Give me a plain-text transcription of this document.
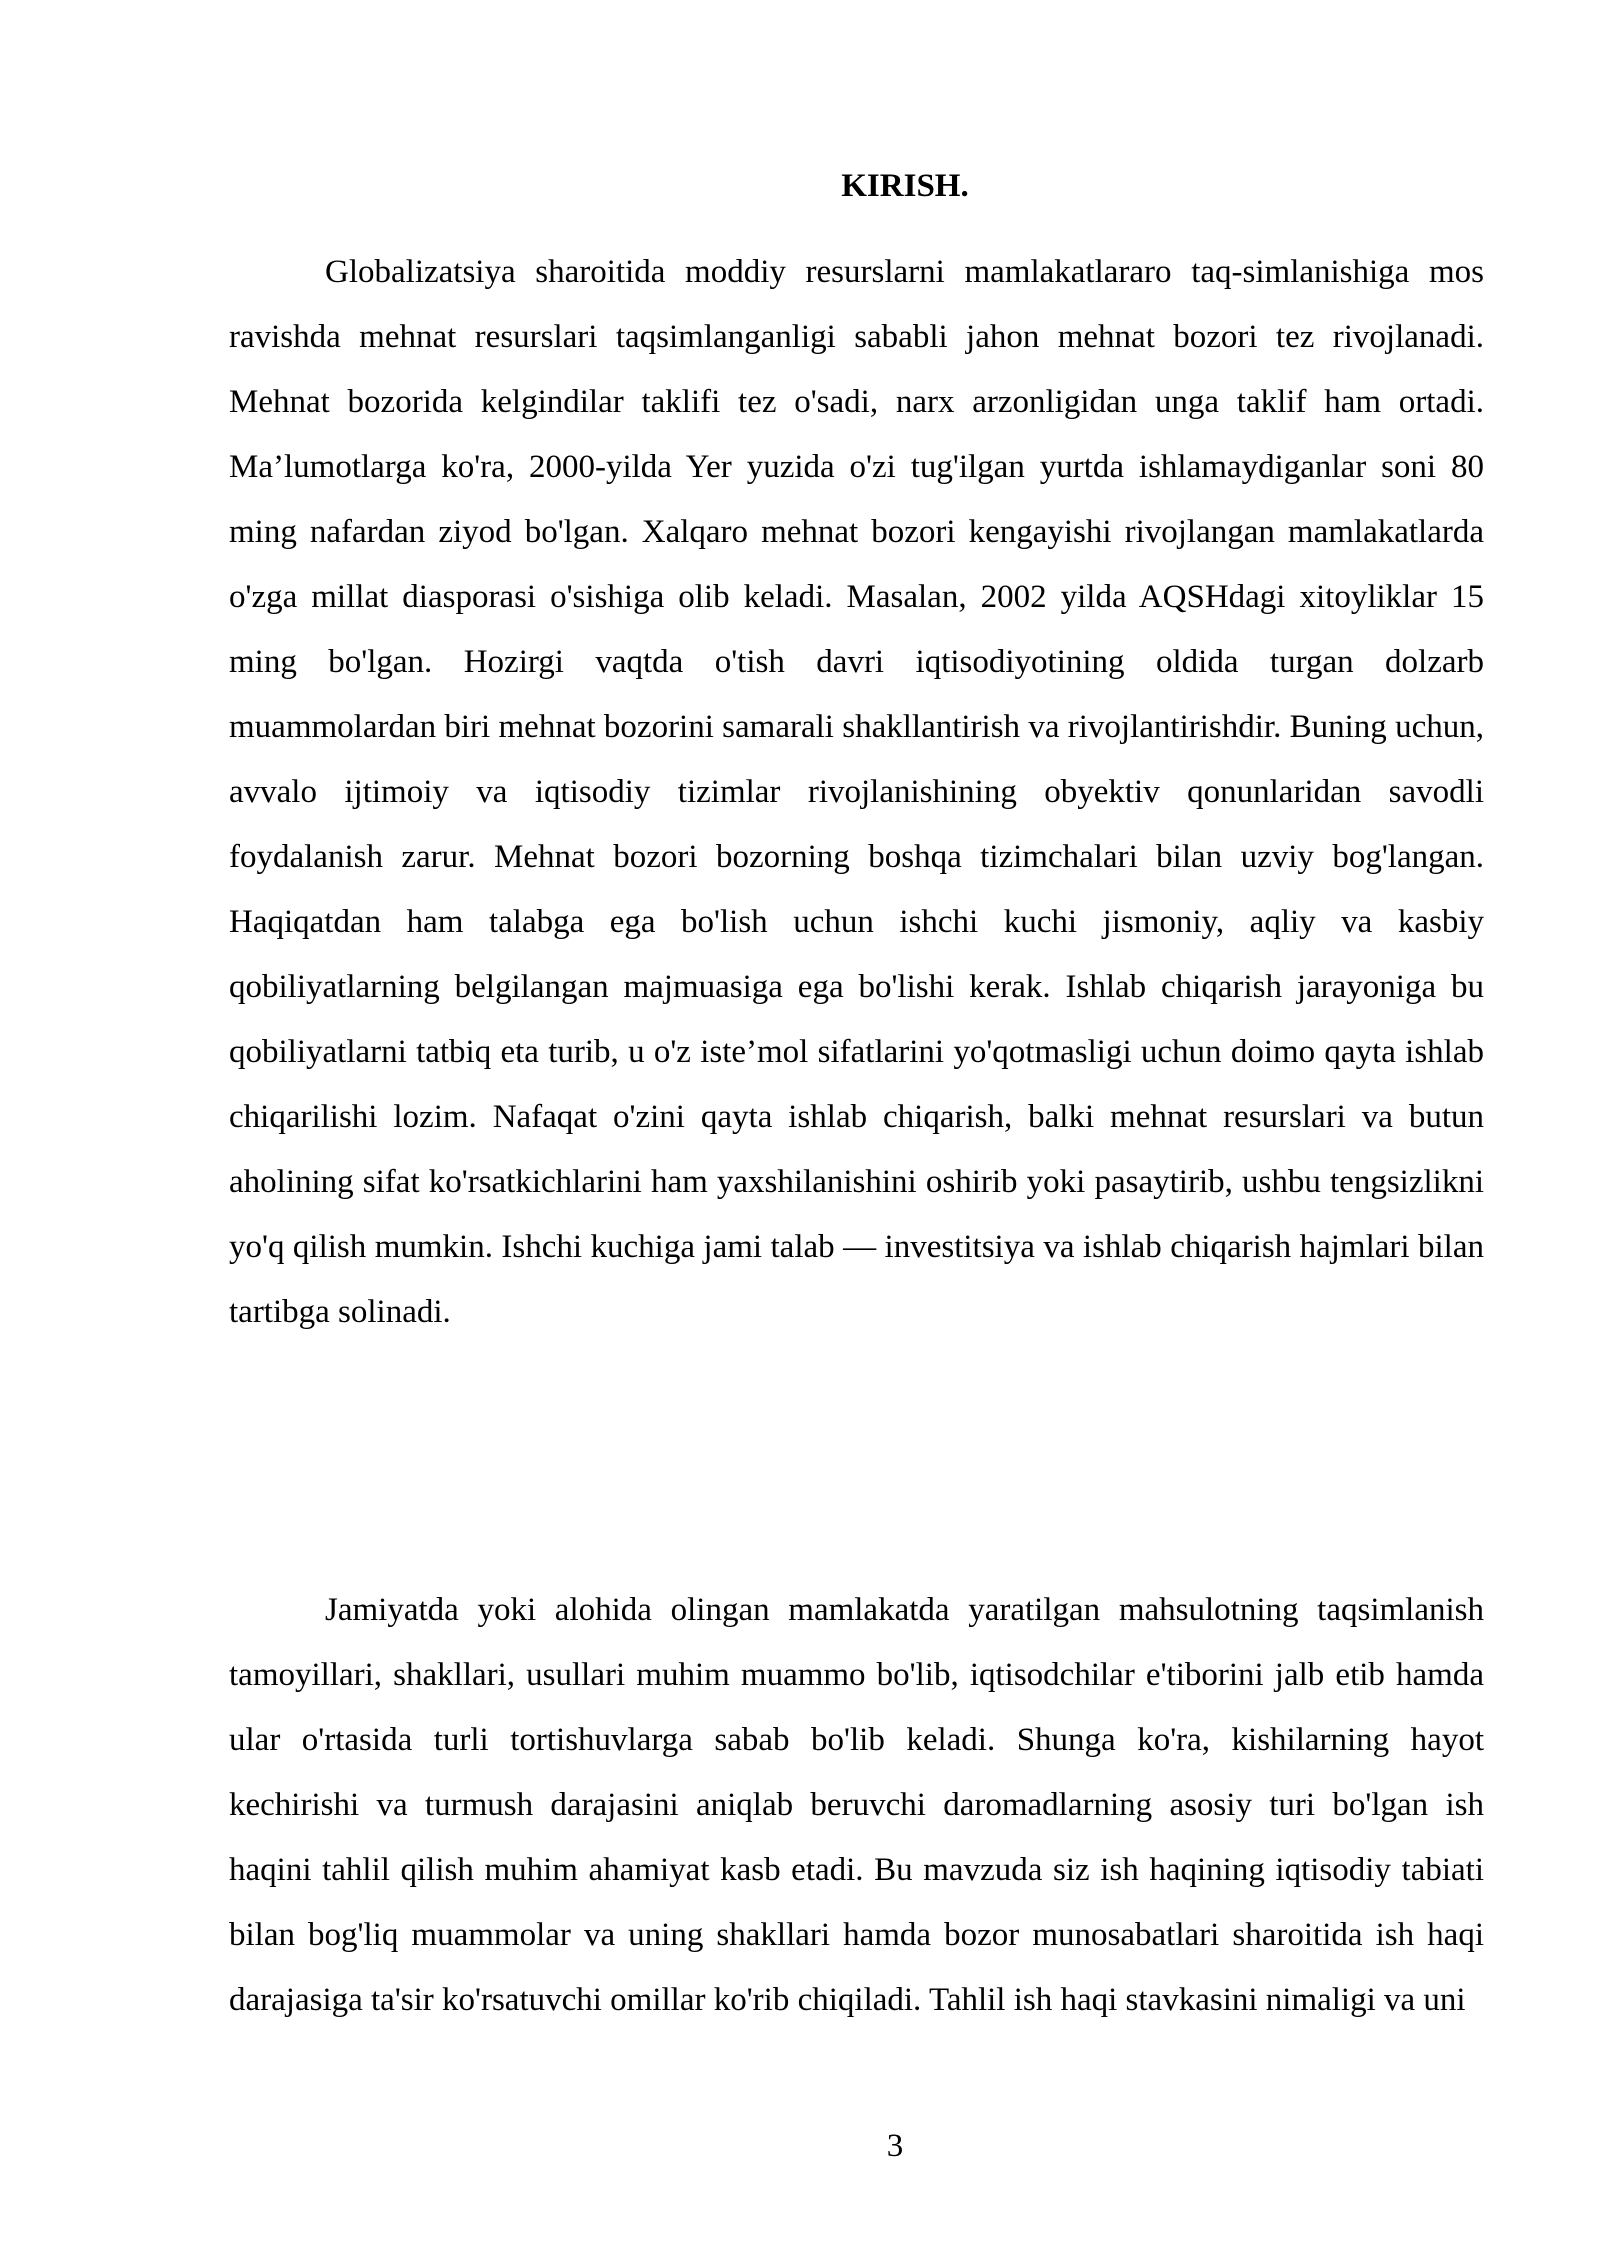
KIRISH.

Globalizatsiya sharoitida moddiy resurslarni mamlakatlararo taq-simlanishiga mos ravishda mehnat resurslari taqsimlanganligi sababli jahon mehnat bozori tez rivojlanadi. Mehnat bozorida kelgindilar taklifi tez o'sadi, narx arzonligidan unga taklif ham ortadi. Ma’lumotlarga ko'ra, 2000-yilda Yer yuzida o'zi tug'ilgan yurtda ishlamaydiganlar soni 80 ming nafardan ziyod bo'lgan. Xalqaro mehnat bozori kengayishi rivojlangan mamlakatlarda o'zga millat diasporasi o'sishiga olib keladi. Masalan, 2002 yilda AQSHdagi xitoyliklar 15 ming bo'lgan. Hozirgi vaqtda o'tish davri iqtisodiyotining oldida turgan dolzarb muammolardan biri mehnat bozorini samarali shakllantirish va rivojlantirishdir. Buning uchun, avvalo ijtimoiy va iqtisodiy tizimlar rivojlanishining obyektiv qonunlaridan savodli foydalanish zarur. Mehnat bozori bozorning boshqa tizimchalari bilan uzviy bog'langan. Haqiqatdan ham talabga ega bo'lish uchun ishchi kuchi jismoniy, aqliy va kasbiy qobiliyatlarning belgilangan majmuasiga ega bo'lishi kerak. Ishlab chiqarish jarayoniga bu qobiliyatlarni tatbiq eta turib, u o'z iste’mol sifatlarini yo'qotmasligi uchun doimo qayta ishlab chiqarilishi lozim. Nafaqat o'zini qayta ishlab chiqarish, balki mehnat resurslari va butun aholining sifat ko'rsatkichlarini ham yaxshilanishini oshirib yoki pasaytirib, ushbu tengsizlikni yo'q qilish mumkin. Ishchi kuchiga jami talab — investitsiya va ishlab chiqarish hajmlari bilan tartibga solinadi.

Jamiyatda yoki alohida olingan mamlakatda yaratilgan mahsulotning taqsimlanish tamoyillari, shakllari, usullari muhim muammo bo'lib, iqtisodchilar e'tiborini jalb etib hamda ular o'rtasida turli tortishuvlarga sabab bo'lib keladi. Shunga ko'ra, kishilarning hayot kechirishi va turmush darajasini aniqlab beruvchi daromadlarning asosiy turi bo'lgan ish haqini tahlil qilish muhim ahamiyat kasb etadi. Bu mavzuda siz ish haqining iqtisodiy tabiati bilan bog'liq muammolar va uning shakllari hamda bozor munosabatlari sharoitida ish haqi darajasiga ta'sir ko'rsatuvchi omillar ko'rib chiqiladi. Tahlil ish haqi stavkasini nimaligi va uni

3
